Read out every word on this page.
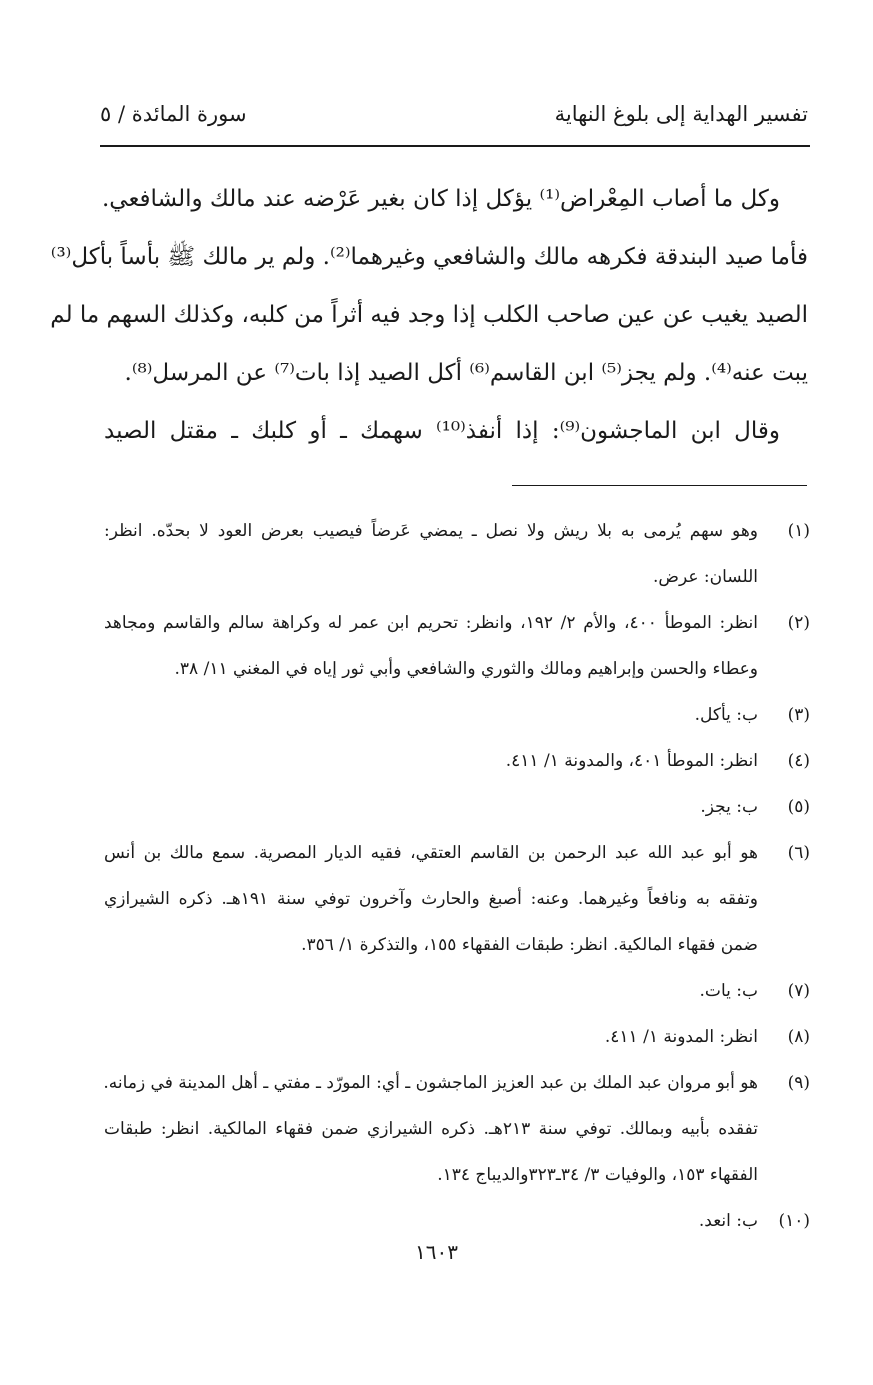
تفسير الهداية إلى بلوغ النهاية
سورة المائدة / ٥
وكل ما أصاب المِعْراض⁽¹⁾ يؤكل إذا كان بغير عَرْضه عند مالك والشافعي.
فأما صيد البندقة فكرهه مالك والشافعي وغيرهما⁽²⁾. ولم ير مالك ﷺ بأساً بأكل⁽³⁾
الصيد يغيب عن عين صاحب الكلب إذا وجد فيه أثراً من كلبه، وكذلك السهم ما لم
يبت عنه⁽⁴⁾. ولم يجز⁽⁵⁾ ابن القاسم⁽⁶⁾ أكل الصيد إذا بات⁽⁷⁾ عن المرسل⁽⁸⁾.
وقال ابن الماجشون⁽⁹⁾: إذا أنفذ⁽¹⁰⁾ سهمك ـ أو كلبك ـ مقتل الصيد
(١)
وهو سهم يُرمى به بلا ريش ولا نصل ـ يمضي عَرضاً فيصيب بعرض العود لا بحدّه. انظر:
اللسان: عرض.
(٢)
انظر: الموطأ ٤٠٠، والأم ٢/ ١٩٢، وانظر: تحريم ابن عمر له وكراهة سالم والقاسم ومجاهد
وعطاء والحسن وإبراهيم ومالك والثوري والشافعي وأبي ثور إياه في المغني ١١/ ٣٨.
(٣)
ب: يأكل.
(٤)
انظر: الموطأ ٤٠١، والمدونة ١/ ٤١١.
(٥)
ب: يجز.
(٦)
هو أبو عبد الله عبد الرحمن بن القاسم العتقي، فقيه الديار المصرية. سمع مالك بن أنس
وتفقه به ونافعاً وغيرهما. وعنه: أصبغ والحارث وآخرون توفي سنة ١٩١هـ. ذكره الشيرازي
ضمن فقهاء المالكية. انظر: طبقات الفقهاء ١٥٥، والتذكرة ١/ ٣٥٦.
(٧)
ب: يات.
(٨)
انظر: المدونة ١/ ٤١١.
(٩)
هو أبو مروان عبد الملك بن عبد العزيز الماجشون ـ أي: المورّد ـ مفتي ـ أهل المدينة في زمانه.
تفقده بأبيه وبمالك. توفي سنة ٢١٣هـ. ذكره الشيرازي ضمن فقهاء المالكية. انظر: طبقات
الفقهاء ١٥٣، والوفيات ٣/ ٣٤ـ٣٢٣والديباج ١٣٤.
(١٠)
ب: انعد.
١٦٠٣
